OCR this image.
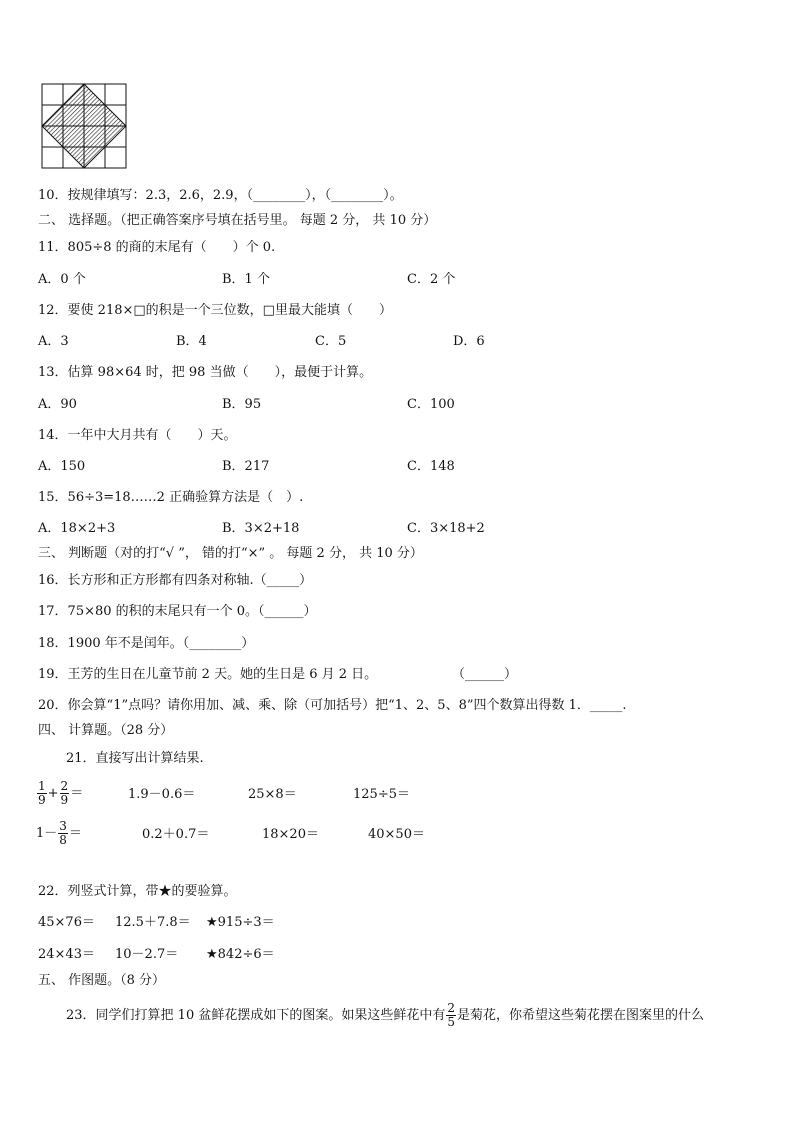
10．按规律填写：2.3，2.6，2.9，（________），（________）。
二、 选择题。（把正确答案序号填在括号里。 每题 2 分， 共 10 分）
11．805÷8 的商的末尾有（　　）个 0.
A．0 个	B．1 个	C．2 个
12．要使 218×□的积是一个三位数，□里最大能填（　　）
A．3	B．4	C．5	D．6
13．估算 98×64 时，把 98 当做（　　），最便于计算。
A．90	B．95	C．100
14．一年中大月共有（　　）天。
A．150	B．217	C．148
15．56÷3=18……2 正确验算方法是（　）.
A．18×2+3	B．3×2+18	C．3×18+2
三、 判断题（对的打“√ ”， 错的打“×” 。 每题 2 分， 共 10 分）
16．长方形和正方形都有四条对称轴.（_____）
17．75×80 的积的末尾只有一个 0。（______）
18．1900 年不是闰年。（________）
19．王芳的生日在儿童节前 2 天。她的生日是 6 月 2 日。	（______）
20．你会算“1”点吗？请你用加、减、乘、除（可加括号）把“1、2、5、8”四个数算出得数 1．_____.
四、 计算题。（28 分）
21．直接写出计算结果.
$\frac{1}{9} + \frac{2}{9}$ ＝	1.9－0.6＝	25×8＝	125÷5＝
$1- \frac{3}{8}$ ＝	0.2＋0.7＝	18×20＝	40×50＝
22．列竖式计算，带★的要验算。
45×76＝ 12.5＋7.8＝ ★915÷3＝
24×43＝ 10－2.7＝ ★842÷6＝
五、 作图题。（8 分）
23．同学们打算把 10 盆鲜花摆成如下的图案。如果这些鲜花中有 $\frac{2}{5}$ 是菊花，你希望这些菊花摆在图案里的什么
